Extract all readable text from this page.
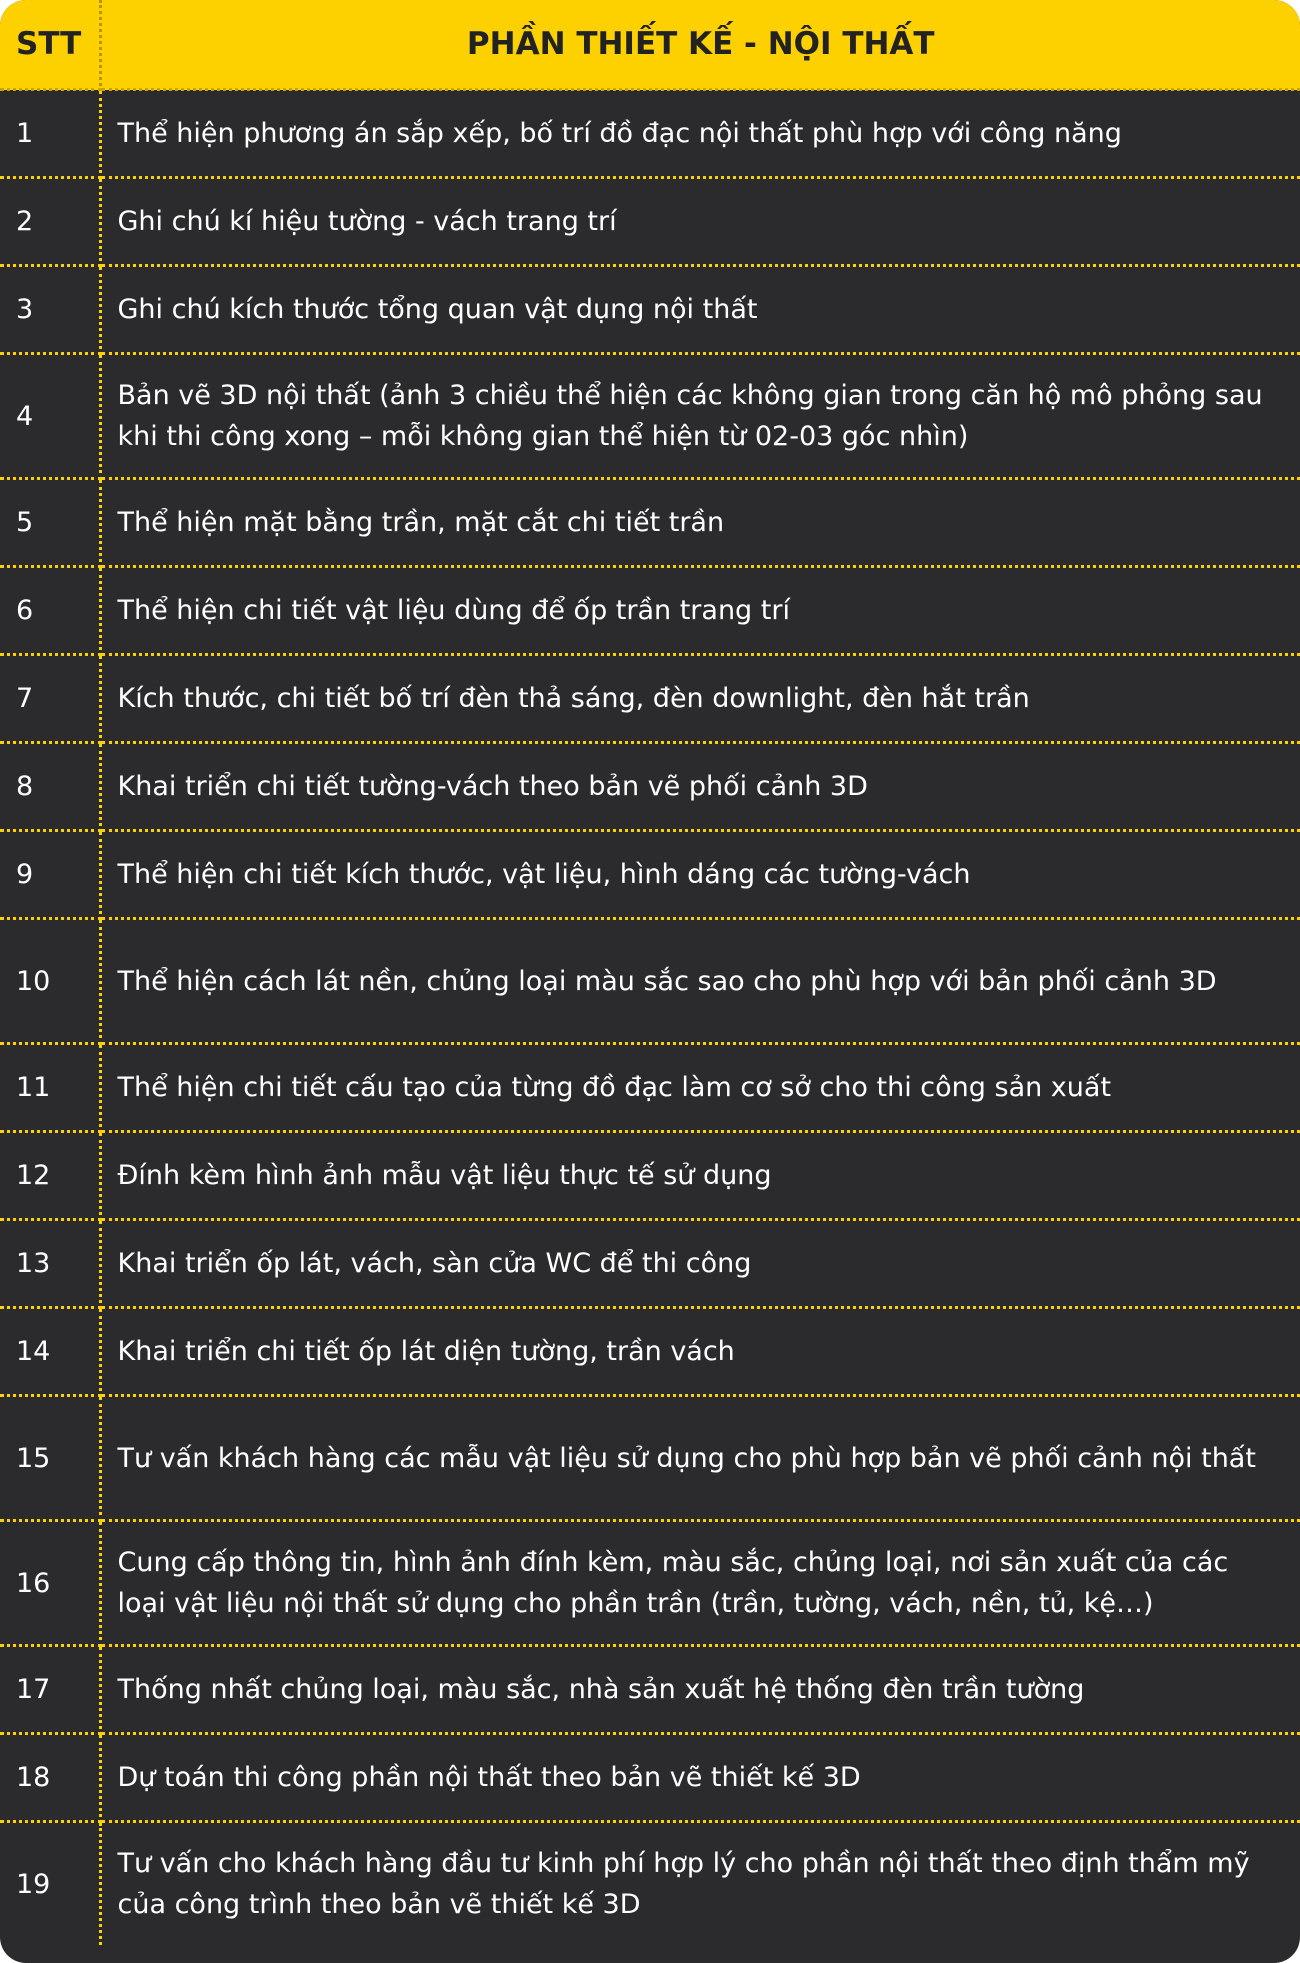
STT	PHẦN THIẾT KẾ - NỘI THẤT
1	Thể hiện phương án sắp xếp, bố trí đồ đạc nội thất phù hợp với công năng
2	Ghi chú kí hiệu tường - vách trang trí
3	Ghi chú kích thước tổng quan vật dụng nội thất
4	Bản vẽ 3D nội thất (ảnh 3 chiều thể hiện các không gian trong căn hộ mô phỏng sau khi thi công xong – mỗi không gian thể hiện từ 02-03 góc nhìn)
5	Thể hiện mặt bằng trần, mặt cắt chi tiết trần
6	Thể hiện chi tiết vật liệu dùng để ốp trần trang trí
7	Kích thước, chi tiết bố trí đèn thả sáng, đèn downlight, đèn hắt trần
8	Khai triển chi tiết tường-vách theo bản vẽ phối cảnh 3D
9	Thể hiện chi tiết kích thước, vật liệu, hình dáng các tường-vách
10	Thể hiện cách lát nền, chủng loại màu sắc sao cho phù hợp với bản phối cảnh 3D
11	Thể hiện chi tiết cấu tạo của từng đồ đạc làm cơ sở cho thi công sản xuất
12	Đính kèm hình ảnh mẫu vật liệu thực tế sử dụng
13	Khai triển ốp lát, vách, sàn cửa WC để thi công
14	Khai triển chi tiết ốp lát diện tường, trần vách
15	Tư vấn khách hàng các mẫu vật liệu sử dụng cho phù hợp bản vẽ phối cảnh nội thất
16	Cung cấp thông tin, hình ảnh đính kèm, màu sắc, chủng loại, nơi sản xuất của các loại vật liệu nội thất sử dụng cho phần trần (trần, tường, vách, nền, tủ, kệ…)
17	Thống nhất chủng loại, màu sắc, nhà sản xuất hệ thống đèn trần tường
18	Dự toán thi công phần nội thất theo bản vẽ thiết kế 3D
19	Tư vấn cho khách hàng đầu tư kinh phí hợp lý cho phần nội thất theo định thẩm mỹ của công trình theo bản vẽ thiết kế 3D
